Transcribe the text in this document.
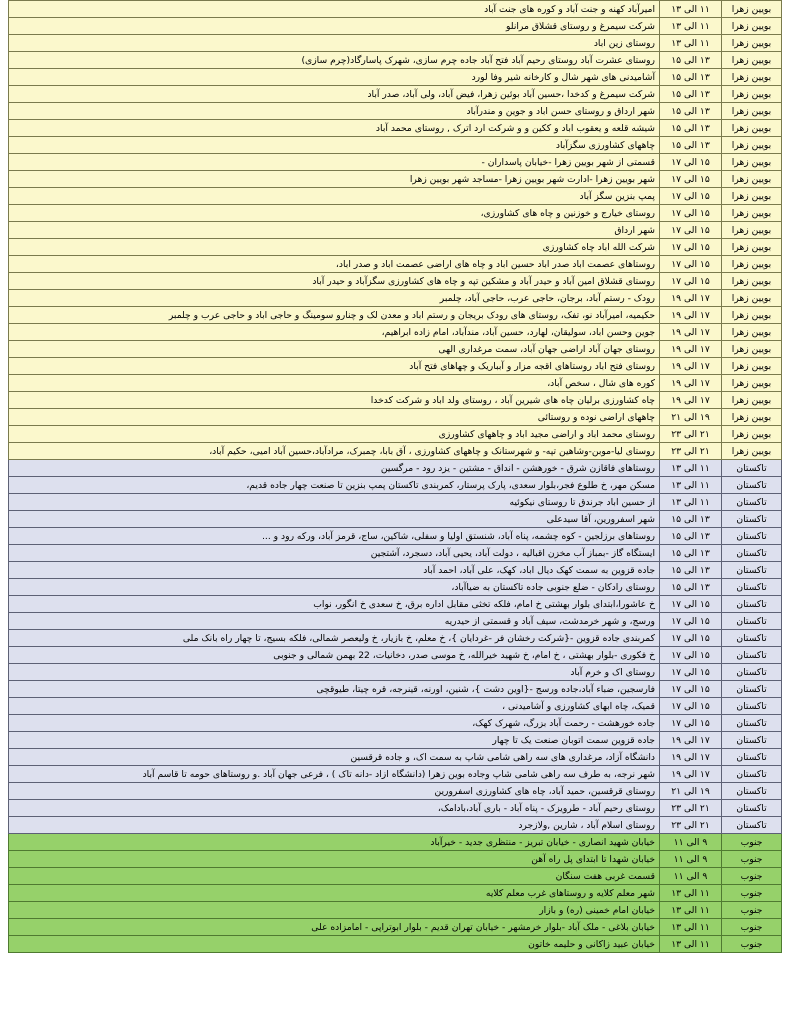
بویین زهرا	۱۱ الی ۱۳	امیرآباد کهنه و جنت آباد و کوره های جنت آباد
بویین زهرا	۱۱ الی ۱۳	شرکت سیمرغ و روستای قشلاق مرانلو
بویین زهرا	۱۱ الی ۱۳	روستای زین اباد
بویین زهرا	۱۳ الی ۱۵	روستای عشرت آباد روستای رحیم آباد فتح آباد جاده چرم سازی، شهرک پاسارگاد(چرم سازی)
بویین زهرا	۱۳ الی ۱۵	آشامیدنی های شهر شال و کارخانه شیر وفا لورد
بویین زهرا	۱۳ الی ۱۵	شرکت سیمرغ و کدخدا ،حسین آباد بوئین زهرا، فیض آباد، ولی آباد، صدر آباد
بویین زهرا	۱۳ الی ۱۵	شهر ارداق و روستای حسن اباد و جوین و مندرآباد
بویین زهرا	۱۳ الی ۱۵	شیشه قلعه و یعقوب اباد و ککین و و شرکت ارد اترک , روستای محمد آباد
بویین زهرا	۱۳ الی ۱۵	چاههای کشاورزی سگزآباد
بویین زهرا	۱۵ الی ۱۷	قسمتی از شهر بویین زهرا -خیابان پاسداران -
بویین زهرا	۱۵ الی ۱۷	شهر بویین زهرا -ادارت شهر بویین زهرا -مساجد شهر بویین زهرا
بویین زهرا	۱۵ الی ۱۷	پمپ بنزین سگز آباد
بویین زهرا	۱۵ الی ۱۷	روستای خیارج و خوزنین و چاه های کشاورزی،
بویین زهرا	۱۵ الی ۱۷	شهر ارداق
بویین زهرا	۱۵ الی ۱۷	شرکت الله اباد چاه کشاورزی
بویین زهرا	۱۵ الی ۱۷	روستاهای عصمت اباد صدر اباد حسین اباد و چاه های اراضی عصمت اباد و صدر اباد،
بویین زهرا	۱۵ الی ۱۷	روستای قشلاق امین آباد و حیدر آباد و مشکین تپه و چاه های کشاورزی سگزآباد و حیدر آباد
بویین زهرا	۱۷ الی ۱۹	رودک - رستم آباد، برجان، حاجی عرب، حاجی آباد، چلمبر
بویین زهرا	۱۷ الی ۱۹	حکیمیه، امیرآباد نو، تفک، روستای های رودک بریجان و رستم اباد و معدن لک و چنارو سومینگ و حاجی اباد و حاجی عرب و چلمبر
بویین زهرا	۱۷ الی ۱۹	جوین وحسن اباد، سولیقان، لهارد، حسین آباد، مندآباد، امام زاده ابراهیم،
بویین زهرا	۱۷ الی ۱۹	روستای جهان آباد اراضی جهان آباد، سمت مرغداری الهی
بویین زهرا	۱۷ الی ۱۹	روستای فتح اباد روستاهای اقجه مزار و آبباریک و چهاهای فتح آباد
بویین زهرا	۱۷ الی ۱۹	کوره های شال ، سخص آباد،
بویین زهرا	۱۷ الی ۱۹	چاه کشاورزی برلیان چاه های شیرین آباد ، روستای ولد اباد و شرکت کدخدا
بویین زهرا	۱۹ الی ۲۱	چاههای اراضی نوده و روستائی
بویین زهرا	۲۱ الی ۲۳	روستای محمد اباد و اراضی مجید اباد و چاههای کشاورزی
بویین زهرا	۲۱ الی ۲۳	روستای لیا-موبن-وشاهین تپه- و شهرستانک و چاههای کشاورزی ، آق بابا، چمبرک، مرادآباد،حسین آباد امیی، حکیم آباد،
تاکستان	۱۱ الی ۱۳	روستاهای فاقازن شرق - خورهشن - انداق - مشتین - یزد رود - مرگسین
تاکستان	۱۱ الی ۱۳	مسکن مهر، خ طلوع فجر،بلوار سعدی، پارک پرستار، کمربندی تاکستان پمپ بنزین تا صنعت چهار جاده قدیم،
تاکستان	۱۱ الی ۱۳	از حسین اباد جرندق تا روستای نیکوئیه
تاکستان	۱۳ الی ۱۵	شهر اسفرورین، آقا سیدعلی
تاکستان	۱۳ الی ۱۵	روستاهای برزلجین - کوه چشمه، پناه آباد، شنستق اولیا و سفلی، شاکین، ساج، قرمز آباد، ورکه رود و ...
تاکستان	۱۳ الی ۱۵	ایستگاه گاز -بمباز آب مخزن اقبالیه ، دولت آباد، یحیی آباد، دسجرد، آشتجین
تاکستان	۱۳ الی ۱۵	جاده قزوین به سمت کهک دیال اباد، کهک، علی آباد، احمد آباد
تاکستان	۱۳ الی ۱۵	روستای رادکان - ضلع جنوبی جاده تاکستان به ضیاآباد،
تاکستان	۱۵ الی ۱۷	خ عاشورا،ابتدای بلوار بهشتی خ امام، فلکه تخثی مقابل اداره برق، خ سعدی خ انگور، نواب
تاکستان	۱۵ الی ۱۷	ورسج، و شهر خرمدشت، سیف آباد و قسمتی از حیدریه
تاکستان	۱۵ الی ۱۷	کمربندی جاده قزوین -{شرکت رخشان فر -غردایان }، خ معلم، خ بازیار، خ ولیعصر شمالی، فلکه بسیج، تا چهار راه بانک ملی
تاکستان	۱۵ الی ۱۷	خ فکوری -بلوار بهشتی ، خ امام، خ شهید خیرالله، خ موسی صدر، دخانیات، 22 بهمن شمالی و جنوبی
تاکستان	۱۵ الی ۱۷	روستای اک و خرم آباد
تاکستان	۱۵ الی ۱۷	فارسجین، ضباء آباد،جاده ورسج -{اوین دشت }، شنین، اورنه، قینرجه، قره چیتا، طیوقچی
تاکستان	۱۵ الی ۱۷	قمیک، چاه ابهای کشاورزی و آشامیدنی ،
تاکستان	۱۵ الی ۱۷	جاده خورهشت - رحمت آباد بزرگ، شهرک کهک،
تاکستان	۱۷ الی ۱۹	جاده قزوین سمت اتوبان صنعت یک تا چهار
تاکستان	۱۷ الی ۱۹	دانشگاه آزاد، مرغداری های سه راهی شامی شاپ به سمت اک، و جاده قرقسین
تاکستان	۱۷ الی ۱۹	شهر نرجه، به طرف سه راهی شامی شاپ وجاده بوین زهرا (دانشگاه ازاد -دانه تاک ) ، فرعی جهان آباد .و روستاهای حومه تا قاسم آباد
تاکستان	۱۹ الی ۲۱	روستای قرقسین، حمید آباد، چاه های کشاورزی اسفرورین
تاکستان	۲۱ الی ۲۳	روستای رحیم آباد - طرویزک - پناه آباد - باری آباد،بادامک،
تاکستان	۲۱ الی ۲۳	روستای اسلام آباد ، شارین ,ولازجرد
جنوب	۹ الی ۱۱	خیابان شهید انصاری - خیابان تبریز - منتظری جدید - خیرآباد
جنوب	۹ الی ۱۱	خیابان شهدا تا ابتدای پل راه آهن
جنوب	۹ الی ۱۱	قسمت غربی هفت سنگان
جنوب	۱۱ الی ۱۳	شهر معلم کلایه و روستاهای غرب معلم کلایه
جنوب	۱۱ الی ۱۳	خیابان امام خمینی (ره) و بازار
جنوب	۱۱ الی ۱۳	خیابان بلاغی - ملک آباد -بلوار خرمشهر - خیابان تهران قدیم - بلوار ابوتراپی - امامزاده علی
جنوب	۱۱ الی ۱۳	خیابان عبید زاکانی و حلیمه خاتون
